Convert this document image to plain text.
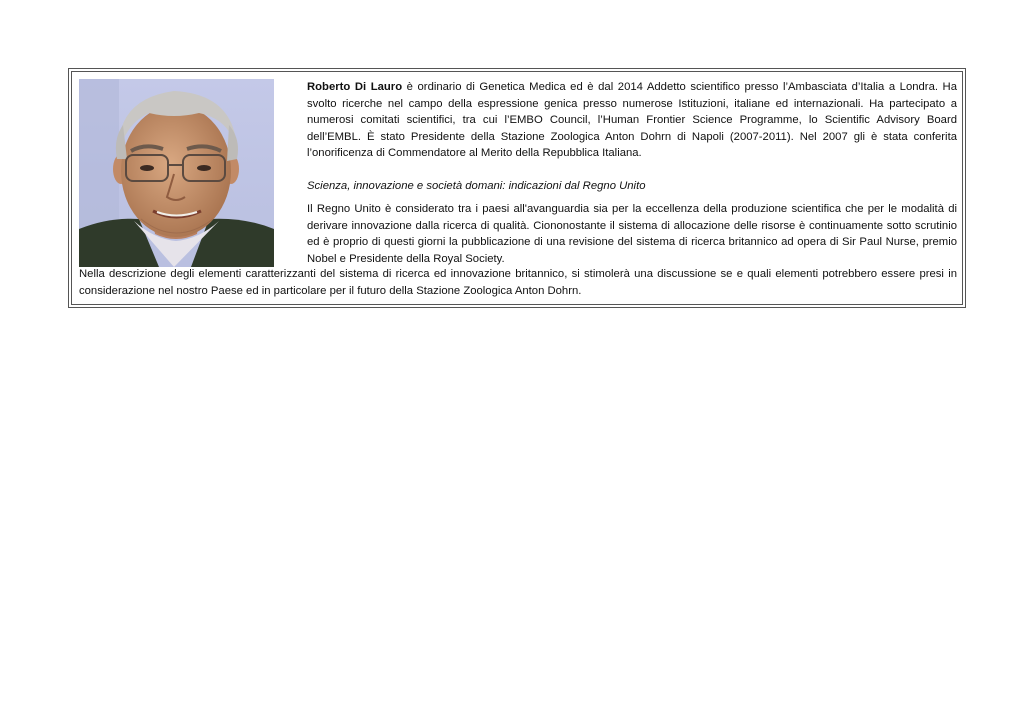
Roberto Di Lauro è ordinario di Genetica Medica ed è dal 2014 Addetto scientifico presso l’Ambasciata d’Italia a Londra. Ha svolto ricerche nel campo della espressione genica presso numerose Istituzioni, italiane ed internazionali. Ha partecipato a numerosi comitati scientifici, tra cui l’EMBO Council, l’Human Frontier Science Programme, lo Scientific Advisory Board dell’EMBL. È stato Presidente della Stazione Zoologica Anton Dohrn di Napoli (2007-2011). Nel 2007 gli è stata conferita l’onorificenza di Commendatore al Merito della Repubblica Italiana.

Scienza, innovazione e società domani: indicazioni dal Regno Unito

Il Regno Unito è considerato tra i paesi all'avanguardia sia per la eccellenza della produzione scientifica che per le modalità di derivare innovazione dalla ricerca di qualità. Ciononostante il sistema di allocazione delle risorse è continuamente sotto scrutinio ed è proprio di questi giorni la pubblicazione di una revisione del sistema di ricerca britannico ad opera di Sir Paul Nurse, premio Nobel e Presidente della Royal Society.

Nella descrizione degli elementi caratterizzanti del sistema di ricerca ed innovazione britannico, si stimolerà una discussione se e quali elementi potrebbero essere presi in considerazione nel nostro Paese ed in particolare per il futuro della Stazione Zoologica Anton Dohrn.
